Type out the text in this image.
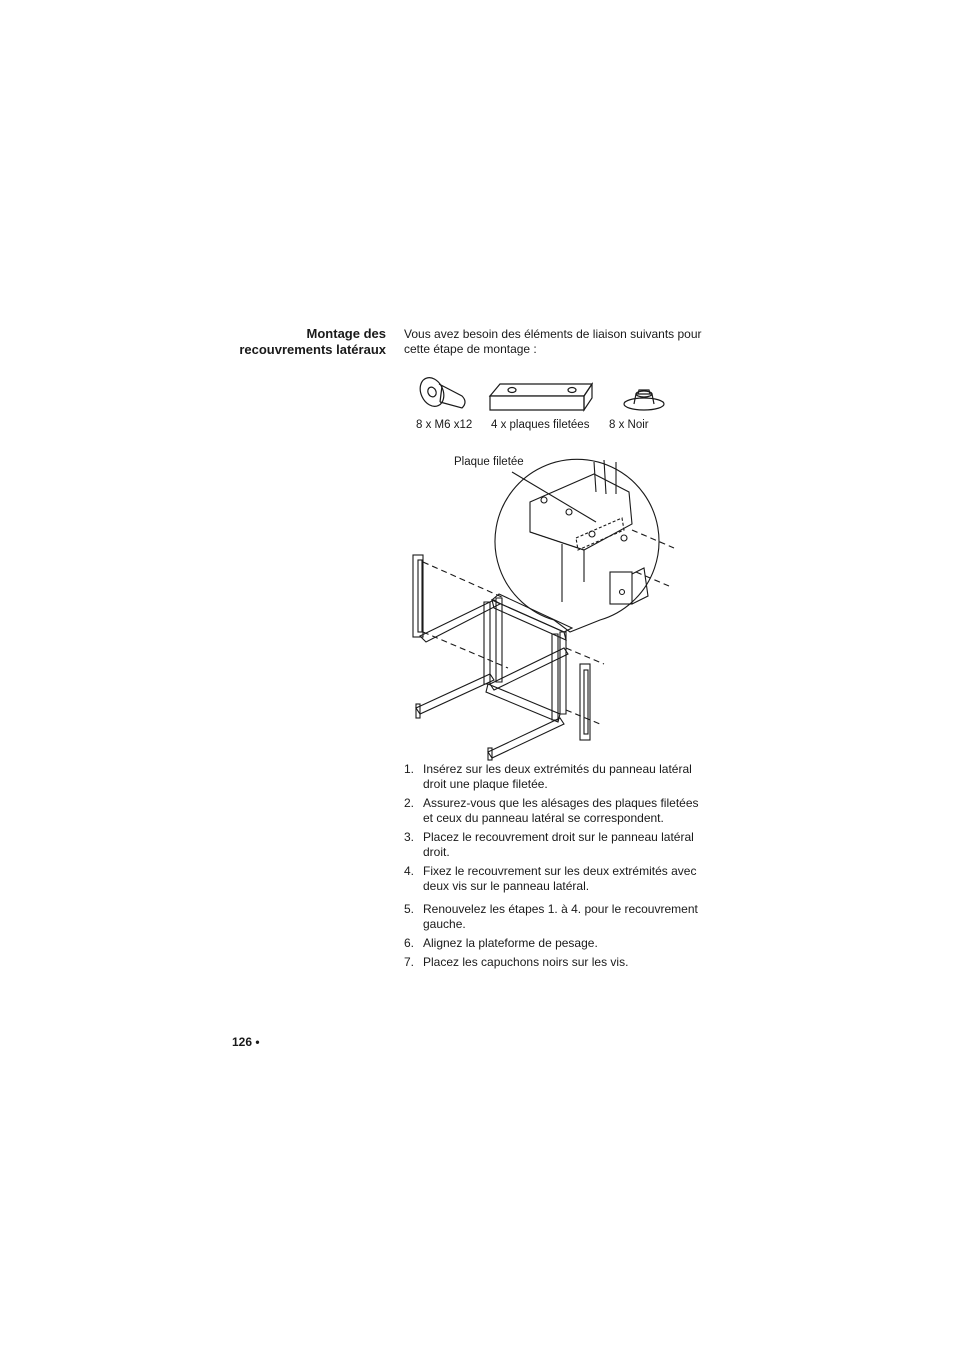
Montage des
recouvrements latéraux
Vous avez besoin des éléments de liaison suivants pour cette étape de montage :
8 x M6 x12 4 x plaques filetées 8 x Noir
Plaque filetée
1. Insérez sur les deux extrémités du panneau latéral droit une plaque filetée.
2. Assurez-vous que les alésages des plaques filetées et ceux du panneau latéral se correspondent.
3. Placez le recouvrement droit sur le panneau latéral droit.
4. Fixez le recouvrement sur les deux extrémités avec deux vis sur le panneau latéral.
5. Renouvelez les étapes 1. à 4. pour le recouvrement gauche.
6. Alignez la plateforme de pesage.
7. Placez les capuchons noirs sur les vis.
126 •
